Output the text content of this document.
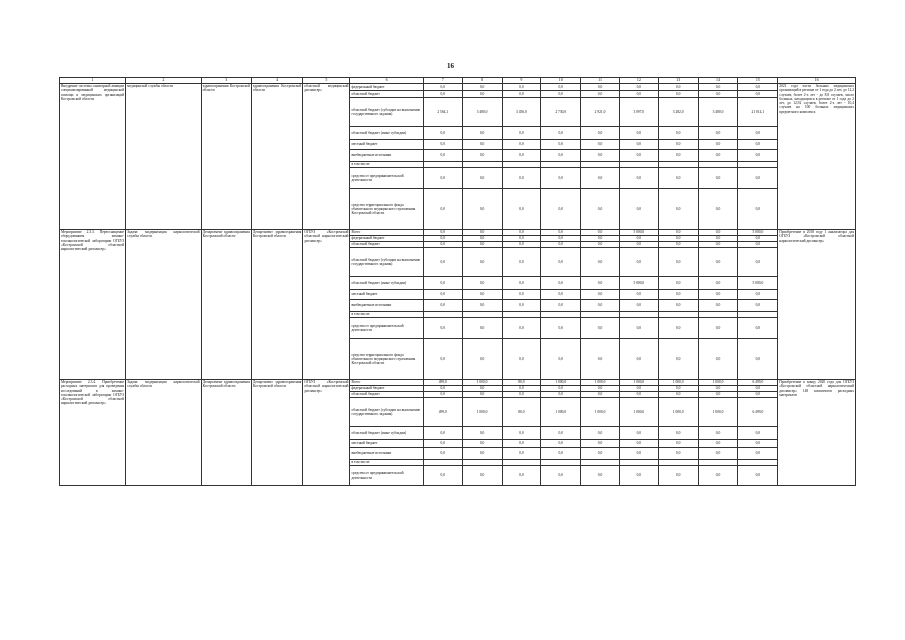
16
1	2	3	4	5	6	7	8	9	10	11	12	13	14	15	16
Внедрение системы санитарной авиации специализированной медицинской помощи и медицинских организаций Костромской области	медицинской службы области	здравоохранения Костромской области	здравоохранения Костромской области	областной медицинский диспансер»	федеральный бюджет	0,0	0,0	0,0	0,0	0,0	0,0	0,0	0,0	0,0	2021 года части больных медицинских организаций в регионе от 1 года до 2 лет, до 12,2 случаев, более 2-х лет - до 8,8 случаев, число больных, находящихся в регионе от 1 года до 2 лет, до 12,92 случаев, более 2-х лет - 10,4 случаев на 100 больных медицинских предметного комплекса
					областной бюджет	0,0	0,0	0,0	0,0	0,0	0,0	0,0	0,0	0,0	
					областной бюджет (субсидии на выполнение государственного задания)	2 564,1	3 480,0	3 456,0	2 730,0	2 921,0	3 097,0	3 282,0	3 480,0	21 014,1	
					областной бюджет (иные субсидии)	0,0	0,0	0,0	0,0	0,0	0,0	0,0	0,0	0,0	
					местный бюджет	0,0	0,0	0,0	0,0	0,0	0,0	0,0	0,0	0,0	
					внебюджетные источники	0,0	0,0	0,0	0,0	0,0	0,0	0,0	0,0	0,0	
					в том числе:										
					средства от предпринимательской деятельности	0,0	0,0	0,0	0,0	0,0	0,0	0,0	0,0	0,0	
					средства территориального фонда обязательного медицинского страхования Костромской области	0,0	0,0	0,0	0,0	0,0	0,0	0,0	0,0	0,0	
Мероприятие 2.3.3. Переоснащение оборудованием химико-токсикологической лаборатории ОГБУЗ «Костромской областной наркологический диспансер»	Задача: модернизация наркологической службы области	Департамент здравоохранения Костромской области	Департамент здравоохранения Костромской области	ОГБУЗ «Костромской областной наркологический диспансер»	Всего	0,0	0,0	0,0	0,0	0,0	5 000,0	0,0	0,0	5 000,0	Приобретение в 2018 году 1 анализатора для ОГБУЗ «Костромской областной наркологический диспансер»
					федеральный бюджет	0,0	0,0	0,0	0,0	0,0	0,0	0,0	0,0	0,0	
					областной бюджет	0,0	0,0	0,0	0,0	0,0	0,0	0,0	0,0	0,0	
					областной бюджет (субсидии на выполнение государственного задания)	0,0	0,0	0,0	0,0	0,0	0,0	0,0	0,0	0,0	
					областной бюджет (иные субсидии)	0,0	0,0	0,0	0,0	0,0	5 000,0	0,0	0,0	5 000,0	
					местный бюджет	0,0	0,0	0,0	0,0	0,0	0,0	0,0	0,0	0,0	
					внебюджетные источники	0,0	0,0	0,0	0,0	0,0	0,0	0,0	0,0	0,0	
					в том числе:										
					средства от предпринимательской деятельности	0,0	0,0	0,0	0,0	0,0	0,0	0,0	0,0	0,0	
					средства территориального фонда обязательного медицинского страхования Костромской области	0,0	0,0	0,0	0,0	0,0	0,0	0,0	0,0	0,0	
Мероприятие 2.3.4. Приобретение расходных материалов для проведения исследований в химико-токсикологической лаборатории ОГБУЗ «Костромской областной наркологический диспансер»	Задача: модернизация наркологической службы области	Департамент здравоохранения Костромской области	Департамент здравоохранения Костромской области	ОГБУЗ «Костромской областной наркологический диспансер»	Всего	499,0	1 000,0	80,0	1 000,0	1 000,0	1 000,0	1 000,0	1 000,0	6 499,0	Приобретение к концу 2020 года для ОГБУЗ «Костромской областной наркологический диспансер» 148 комплектов расходных материалов
					федеральный бюджет	0,0	0,0	0,0	0,0	0,0	0,0	0,0	0,0	0,0	
					областной бюджет	0,0	0,0	0,0	0,0	0,0	0,0	0,0	0,0	0,0	
					областной бюджет (субсидии на выполнение государственного задания)	499,0	1 000,0	80,0	1 000,0	1 000,0	1 000,0	1 000,0	1 000,0	6 499,0	
					областной бюджет (иные субсидии)	0,0	0,0	0,0	0,0	0,0	0,0	0,0	0,0	0,0	
					местный бюджет	0,0	0,0	0,0	0,0	0,0	0,0	0,0	0,0	0,0	
					внебюджетные источники	0,0	0,0	0,0	0,0	0,0	0,0	0,0	0,0	0,0	
					в том числе:										
					средства от предпринимательской деятельности	0,0	0,0	0,0	0,0	0,0	0,0	0,0	0,0	0,0	
